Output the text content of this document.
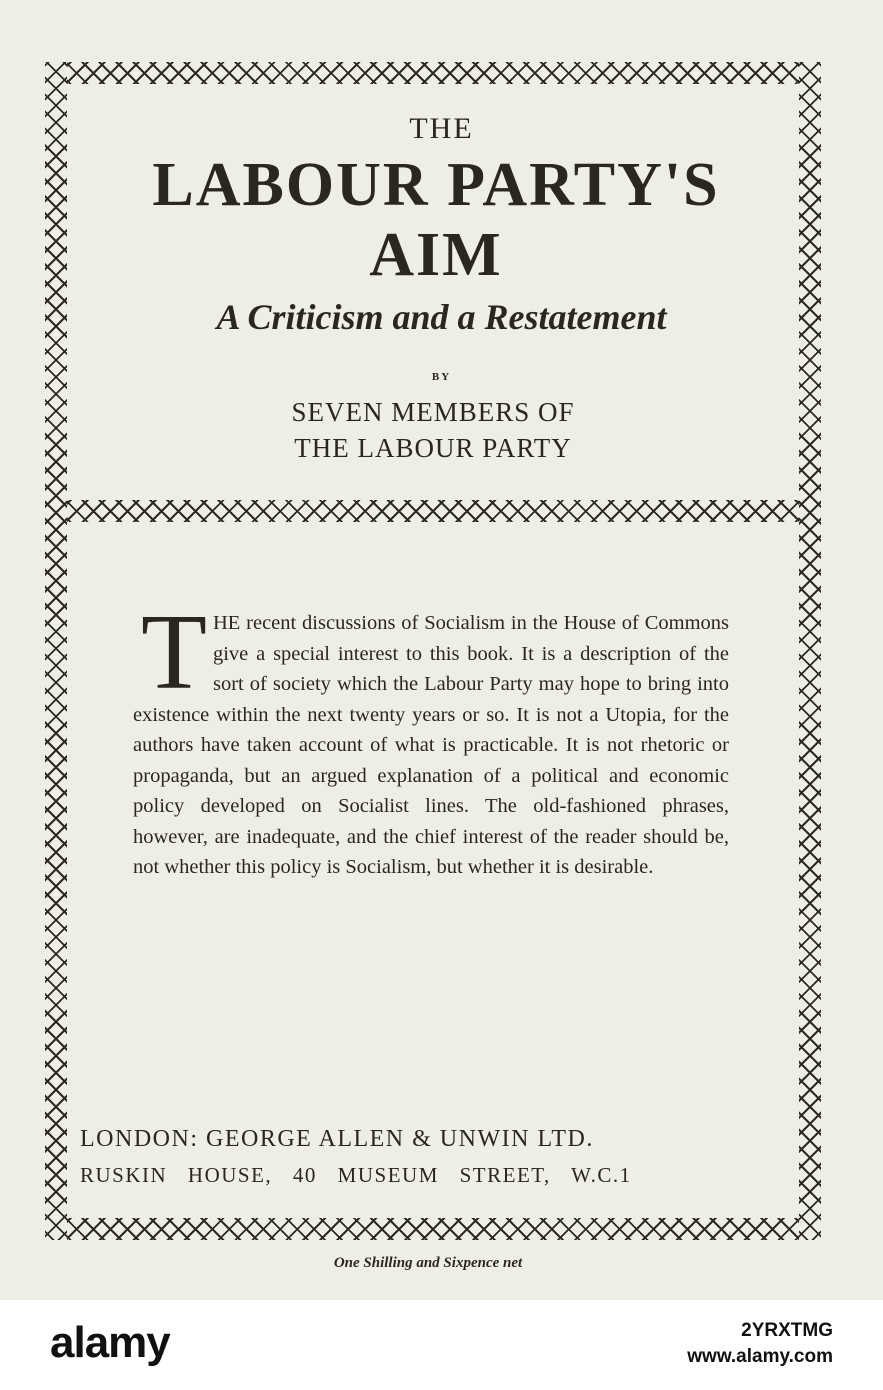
THE
LABOUR PARTY'S
AIM
A Criticism and a Restatement
BY
SEVEN MEMBERS OF
THE LABOUR PARTY
T HE recent discussions of Socialism in the House of Commons give a special interest to this book. It is a description of the sort of society which the Labour Party may hope to bring into existence within the next twenty years or so. It is not a Utopia, for the authors have taken account of what is practicable. It is not rhetoric or propaganda, but an argued explanation of a political and economic policy developed on Socialist lines. The old-fashioned phrases, however, are inadequate, and the chief interest of the reader should be, not whether this policy is Socialism, but whether it is desirable.
LONDON: GEORGE ALLEN & UNWIN LTD.
RUSKIN HOUSE, 40 MUSEUM STREET, W.C.1
One Shilling and Sixpence net
alamy	2YRXTMG
www.alamy.com
